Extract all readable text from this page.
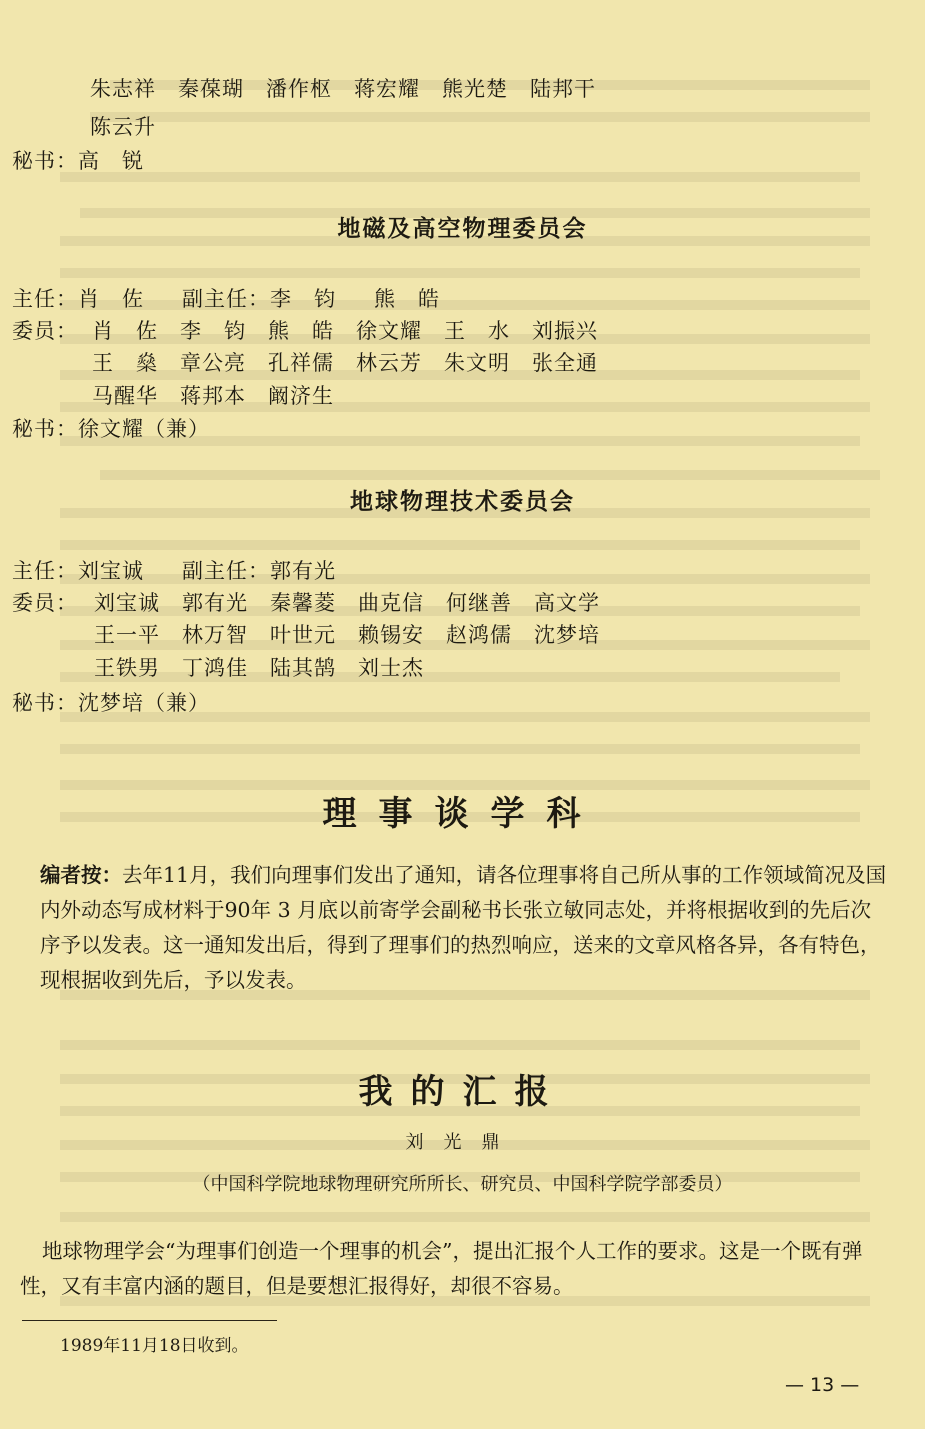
朱志祥 秦葆瑚 潘作枢 蒋宏耀 熊光楚 陆邦干
陈云升
秘书：高　锐
地磁及高空物理委员会
主任：肖　佐 副主任：李　钧 熊　皓
委员： 肖　佐 李　钧 熊　皓 徐文耀 王　水 刘振兴
王　燊 章公亮 孔祥儒 林云芳 朱文明 张全通
马醒华 蒋邦本 阚济生
秘书：徐文耀（兼）
地球物理技术委员会
主任：刘宝诚 副主任：郭有光
委员： 刘宝诚 郭有光 秦馨菱 曲克信 何继善 高文学
王一平 林万智 叶世元 赖锡安 赵鸿儒 沈梦培
王铁男 丁鸿佳 陆其鹄 刘士杰
秘书：沈梦培（兼）
理事谈学科
编者按：去年11月，我们向理事们发出了通知，请各位理事将自己所从事的工作领域简况及国内外动态写成材料于90年 3 月底以前寄学会副秘书长张立敏同志处，并将根据收到的先后次序予以发表。这一通知发出后，得到了理事们的热烈响应，送来的文章风格各异，各有特色，现根据收到先后，予以发表。
我的汇报
刘光鼎
（中国科学院地球物理研究所所长、研究员、中国科学院学部委员）
地球物理学会“为理事们创造一个理事的机会”，提出汇报个人工作的要求。这是一个既有弹性，又有丰富内涵的题目，但是要想汇报得好，却很不容易。
1989年11月18日收到。
— 13 —
